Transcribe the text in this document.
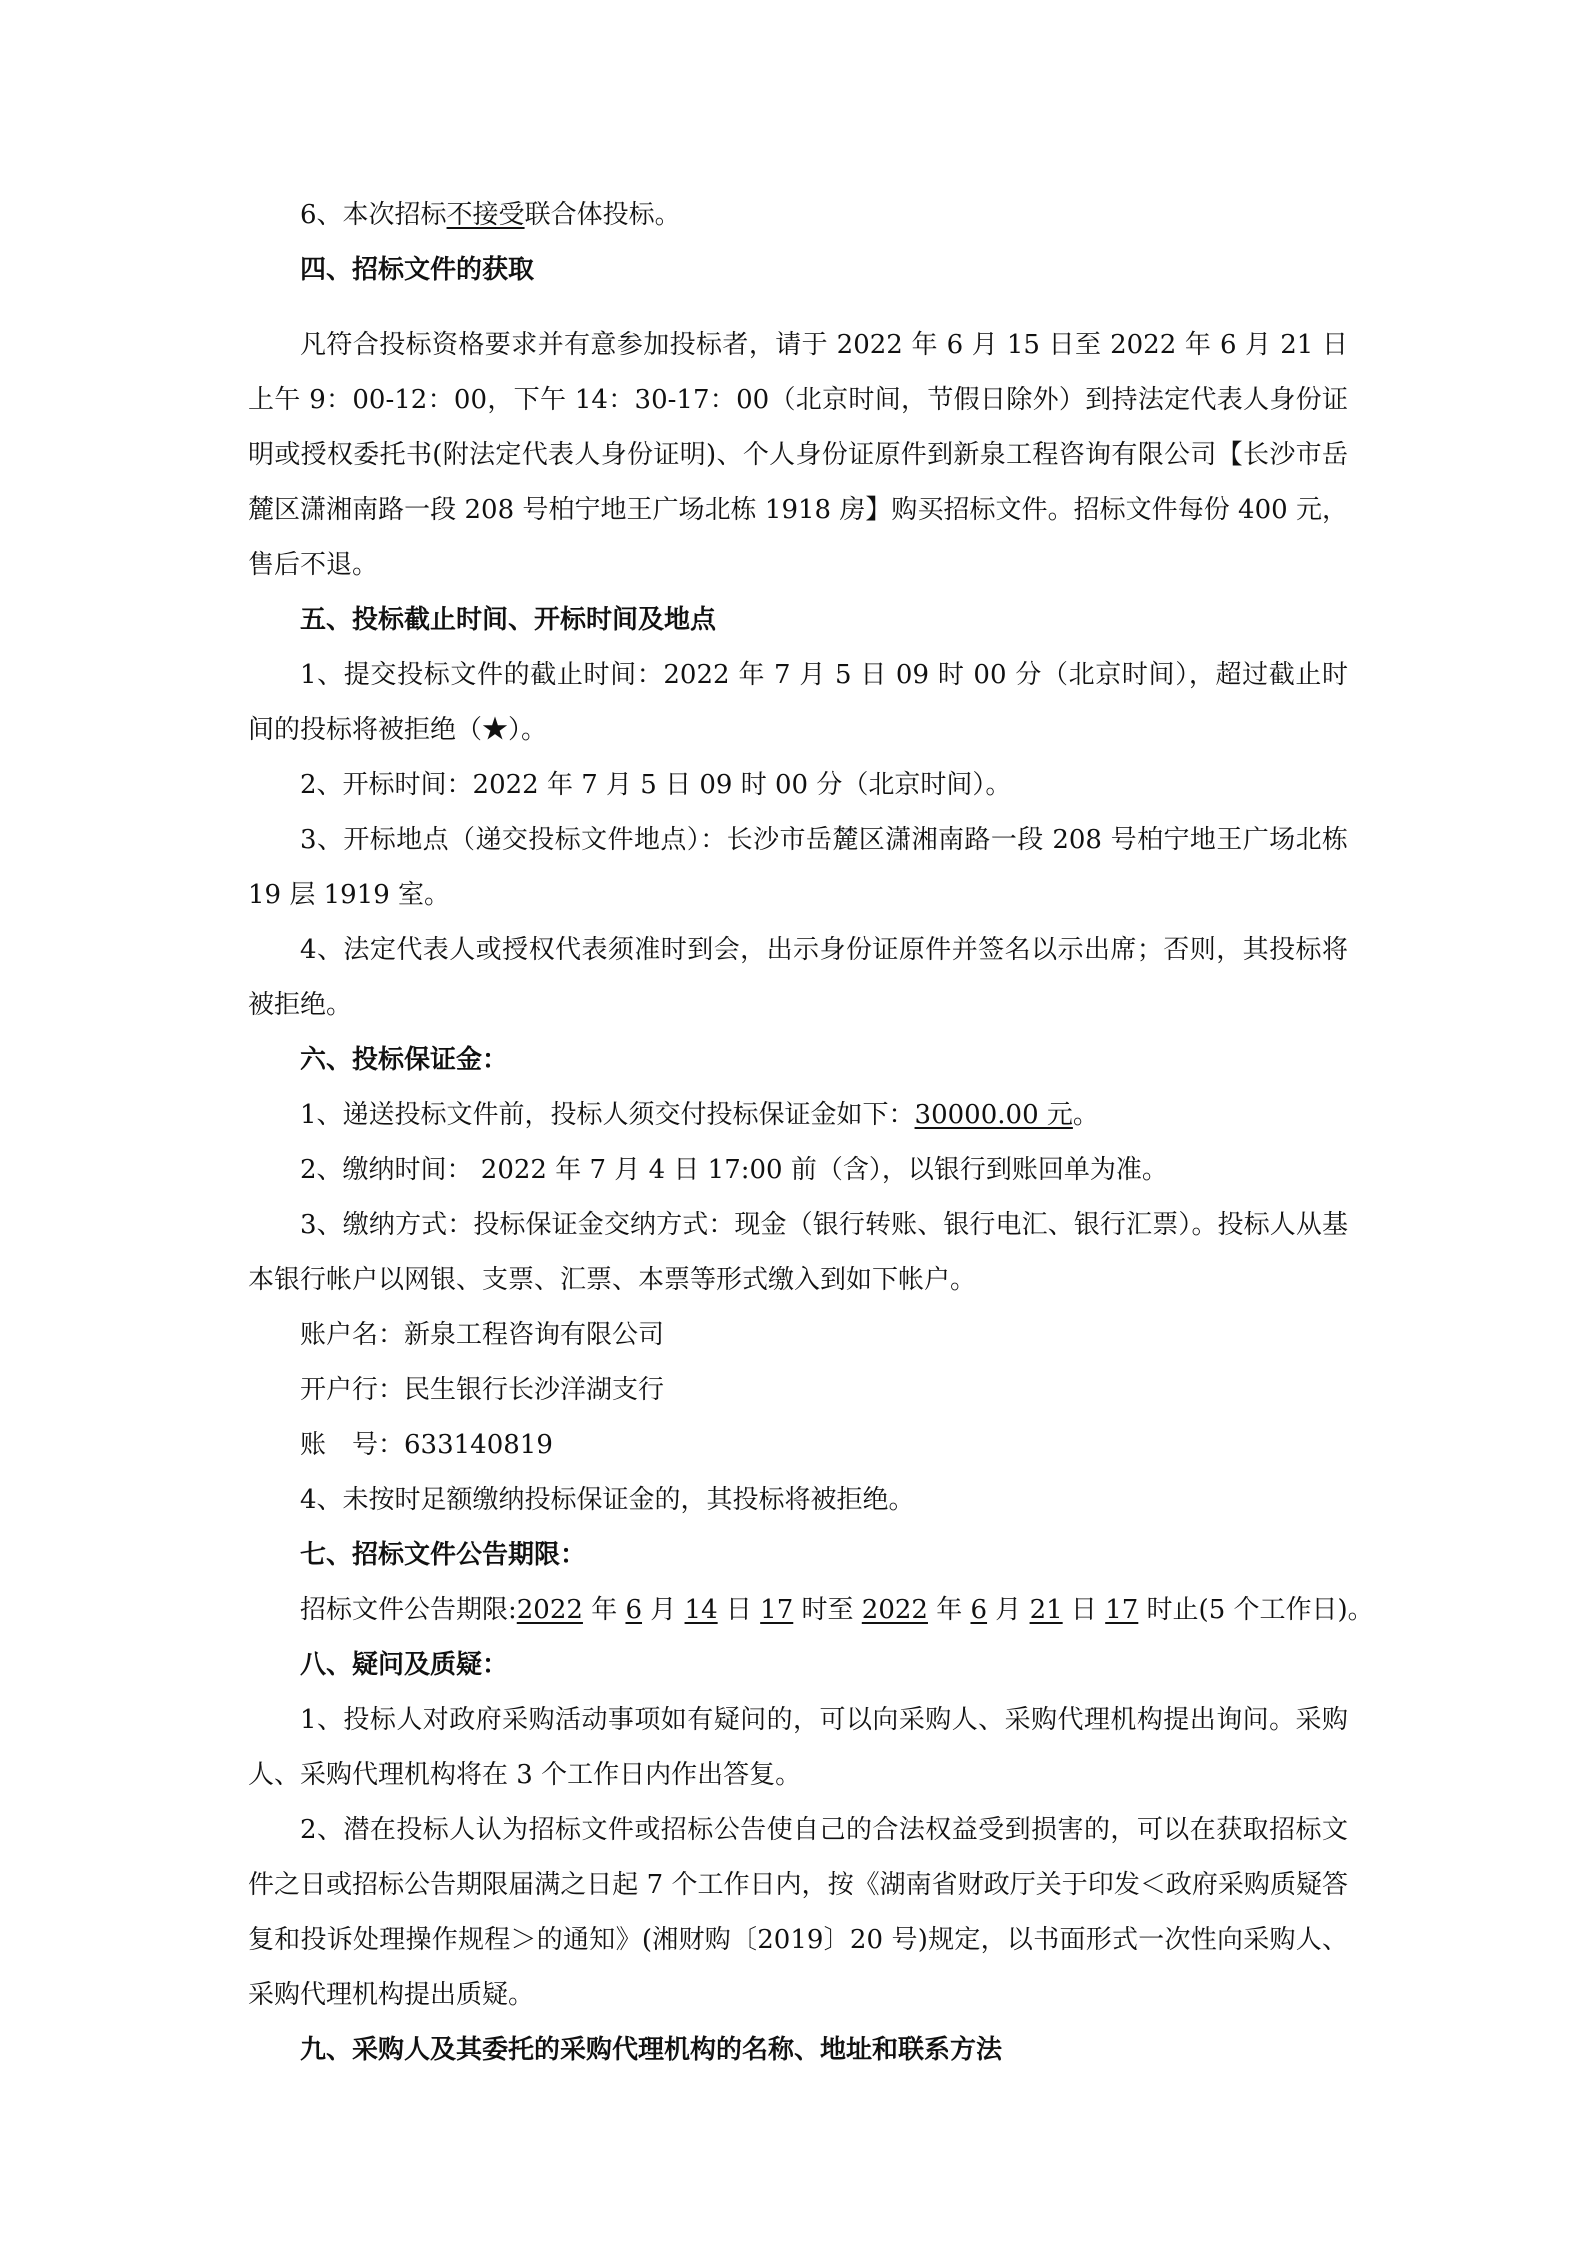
6、本次招标不接受联合体投标。

四、招标文件的获取

凡符合投标资格要求并有意参加投标者，请于 2022 年 6 月 15 日至 2022 年 6 月 21 日上午 9：00-12：00，下午 14：30-17：00（北京时间，节假日除外）到持法定代表人身份证明或授权委托书(附法定代表人身份证明)、个人身份证原件到新泉工程咨询有限公司【长沙市岳麓区潇湘南路一段 208 号柏宁地王广场北栋 1918 房】购买招标文件。招标文件每份 400 元，售后不退。

五、投标截止时间、开标时间及地点

1、提交投标文件的截止时间：2022 年 7 月 5 日 09 时 00 分（北京时间），超过截止时间的投标将被拒绝（★）。

2、开标时间：2022 年 7 月 5 日 09 时 00 分（北京时间）。

3、开标地点（递交投标文件地点）：长沙市岳麓区潇湘南路一段 208 号柏宁地王广场北栋 19 层 1919 室。

4、法定代表人或授权代表须准时到会，出示身份证原件并签名以示出席；否则，其投标将被拒绝。

六、投标保证金：

1、递送投标文件前，投标人须交付投标保证金如下：30000.00 元。

2、缴纳时间： 2022 年 7 月 4 日 17:00 前（含），以银行到账回单为准。

3、缴纳方式：投标保证金交纳方式：现金（银行转账、银行电汇、银行汇票）。投标人从基本银行帐户以网银、支票、汇票、本票等形式缴入到如下帐户。

账户名：新泉工程咨询有限公司

开户行：民生银行长沙洋湖支行

账 号：633140819

4、未按时足额缴纳投标保证金的，其投标将被拒绝。

七、招标文件公告期限：

招标文件公告期限:2022 年 6 月 14 日 17 时至 2022 年 6 月 21 日 17 时止(5 个工作日)。

八、疑问及质疑：

1、投标人对政府采购活动事项如有疑问的，可以向采购人、采购代理机构提出询问。采购人、采购代理机构将在 3 个工作日内作出答复。

2、潜在投标人认为招标文件或招标公告使自己的合法权益受到损害的，可以在获取招标文件之日或招标公告期限届满之日起 7 个工作日内，按《湖南省财政厅关于印发＜政府采购质疑答复和投诉处理操作规程＞的通知》(湘财购〔2019〕20 号)规定，以书面形式一次性向采购人、采购代理机构提出质疑。

九、采购人及其委托的采购代理机构的名称、地址和联系方法
